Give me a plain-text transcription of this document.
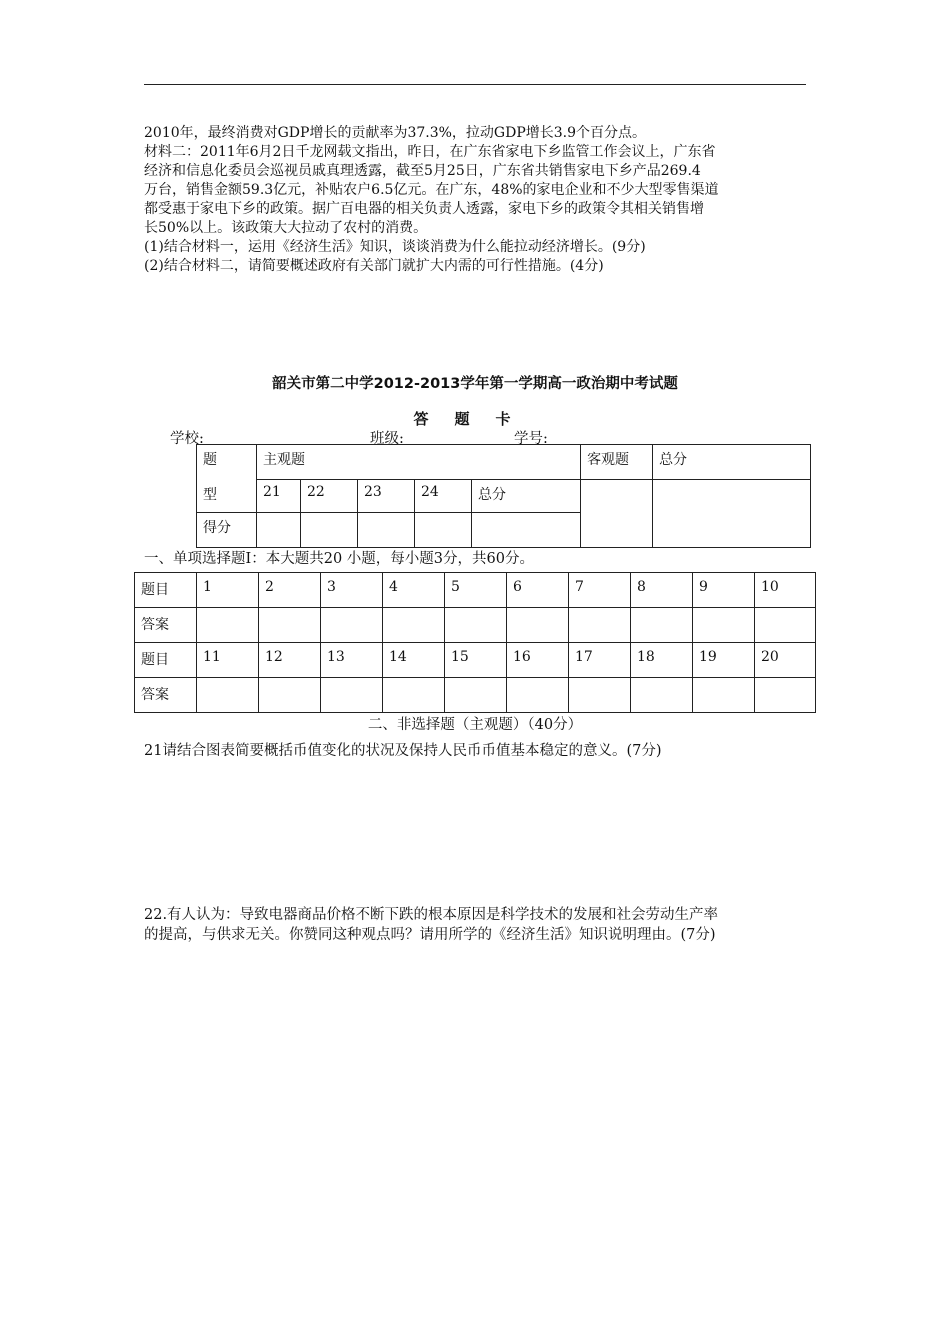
2010年，最终消费对GDP增长的贡献率为37.3%，拉动GDP增长3.9个百分点。

材料二：2011年6月2日千龙网载文指出，昨日，在广东省家电下乡监管工作会议上，广东省

经济和信息化委员会巡视员戚真理透露，截至5月25日，广东省共销售家电下乡产品269.4

万台，销售金额59.3亿元，补贴农户6.5亿元。在广东，48%的家电企业和不少大型零售渠道

都受惠于家电下乡的政策。据广百电器的相关负责人透露，家电下乡的政策令其相关销售增

长50%以上。该政策大大拉动了农村的消费。

(1)结合材料一，运用《经济生活》知识，谈谈消费为什么能拉动经济增长。(9分)

(2)结合材料二，请简要概述政府有关部门就扩大内需的可行性措施。(4分)

韶关市第二中学2012-2013学年第一学期高一政治期中考试题
答题卡
学校:	班级:	学号:
题	主观题					客观题	总分
型	21	22	23	24	总分		
得分							
一、单项选择题Ⅰ：本大题共20 小题，每小题3分，共60分。
题目	1	2	3	4	5	6	7	8	9	10
答案										
题目	11	12	13	14	15	16	17	18	19	20
答案										
二、非选择题（主观题）（40分）
21请结合图表简要概括币值变化的状况及保持人民币币值基本稳定的意义。(7分)

22.有人认为：导致电器商品价格不断下跌的根本原因是科学技术的发展和社会劳动生产率

的提高，与供求无关。你赞同这种观点吗？请用所学的《经济生活》知识说明理由。(7分)
